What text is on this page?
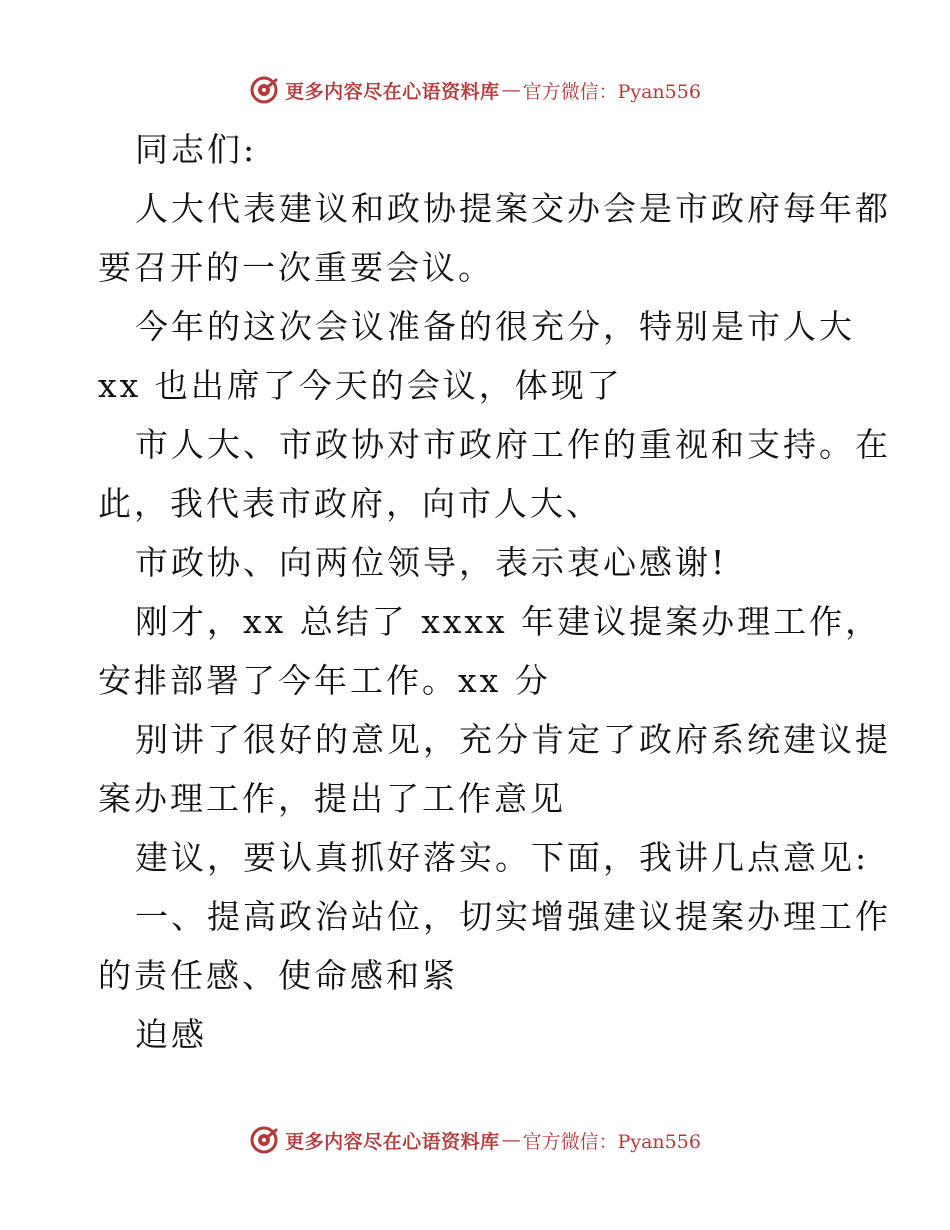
更多内容尽在心语资料库 — 官方微信：Pyan556
同志们:
人大代表建议和政协提案交办会是市政府每年都
要召开的一次重要会议。
今年的这次会议准备的很充分，特别是市人大
xx 也出席了今天的会议，体现了
市人大、市政协对市政府工作的重视和支持。在
此，我代表市政府，向市人大、
市政协、向两位领导，表示衷心感谢!
刚才，xx 总结了 xxxx 年建议提案办理工作，
安排部署了今年工作。xx 分
别讲了很好的意见，充分肯定了政府系统建议提
案办理工作，提出了工作意见
建议，要认真抓好落实。下面，我讲几点意见:
一、提高政治站位，切实增强建议提案办理工作
的责任感、使命感和紧
迫感
更多内容尽在心语资料库 — 官方微信：Pyan556
